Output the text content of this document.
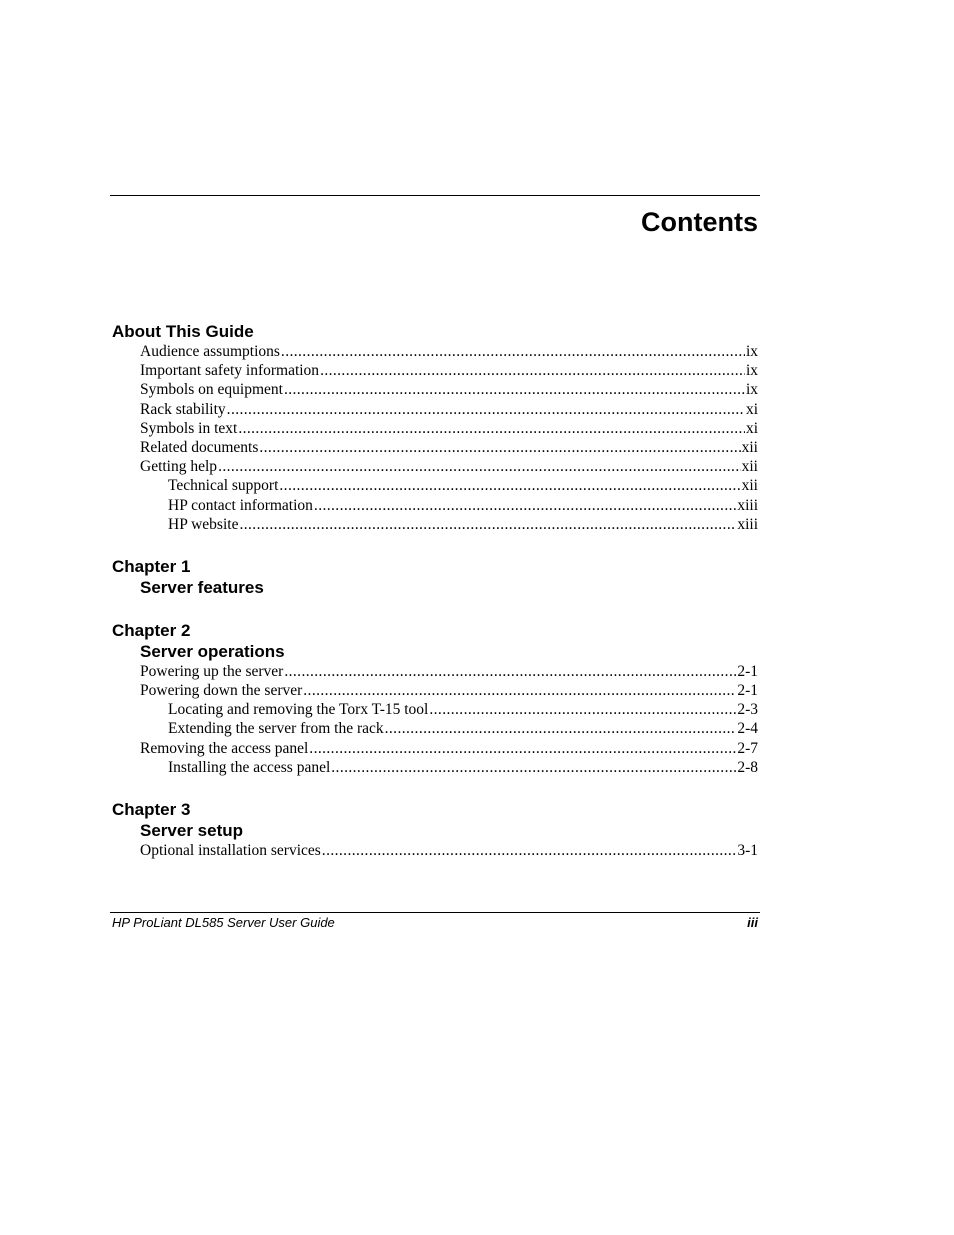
Contents
About This Guide
Audience assumptions .....	ix
Important safety information .....	ix
Symbols on equipment .....	ix
Rack stability .....	xi
Symbols in text .....	xi
Related documents .....	xii
Getting help .....	xii
Technical support .....	xii
HP contact information .....	xiii
HP website .....	xiii
Chapter 1
Server features
Chapter 2
Server operations
Powering up the server .....	2-1
Powering down the server .....	2-1
Locating and removing the Torx T-15 tool .....	2-3
Extending the server from the rack .....	2-4
Removing the access panel .....	2-7
Installing the access panel .....	2-8
Chapter 3
Server setup
Optional installation services .....	3-1
HP ProLiant DL585 Server User Guide	iii
